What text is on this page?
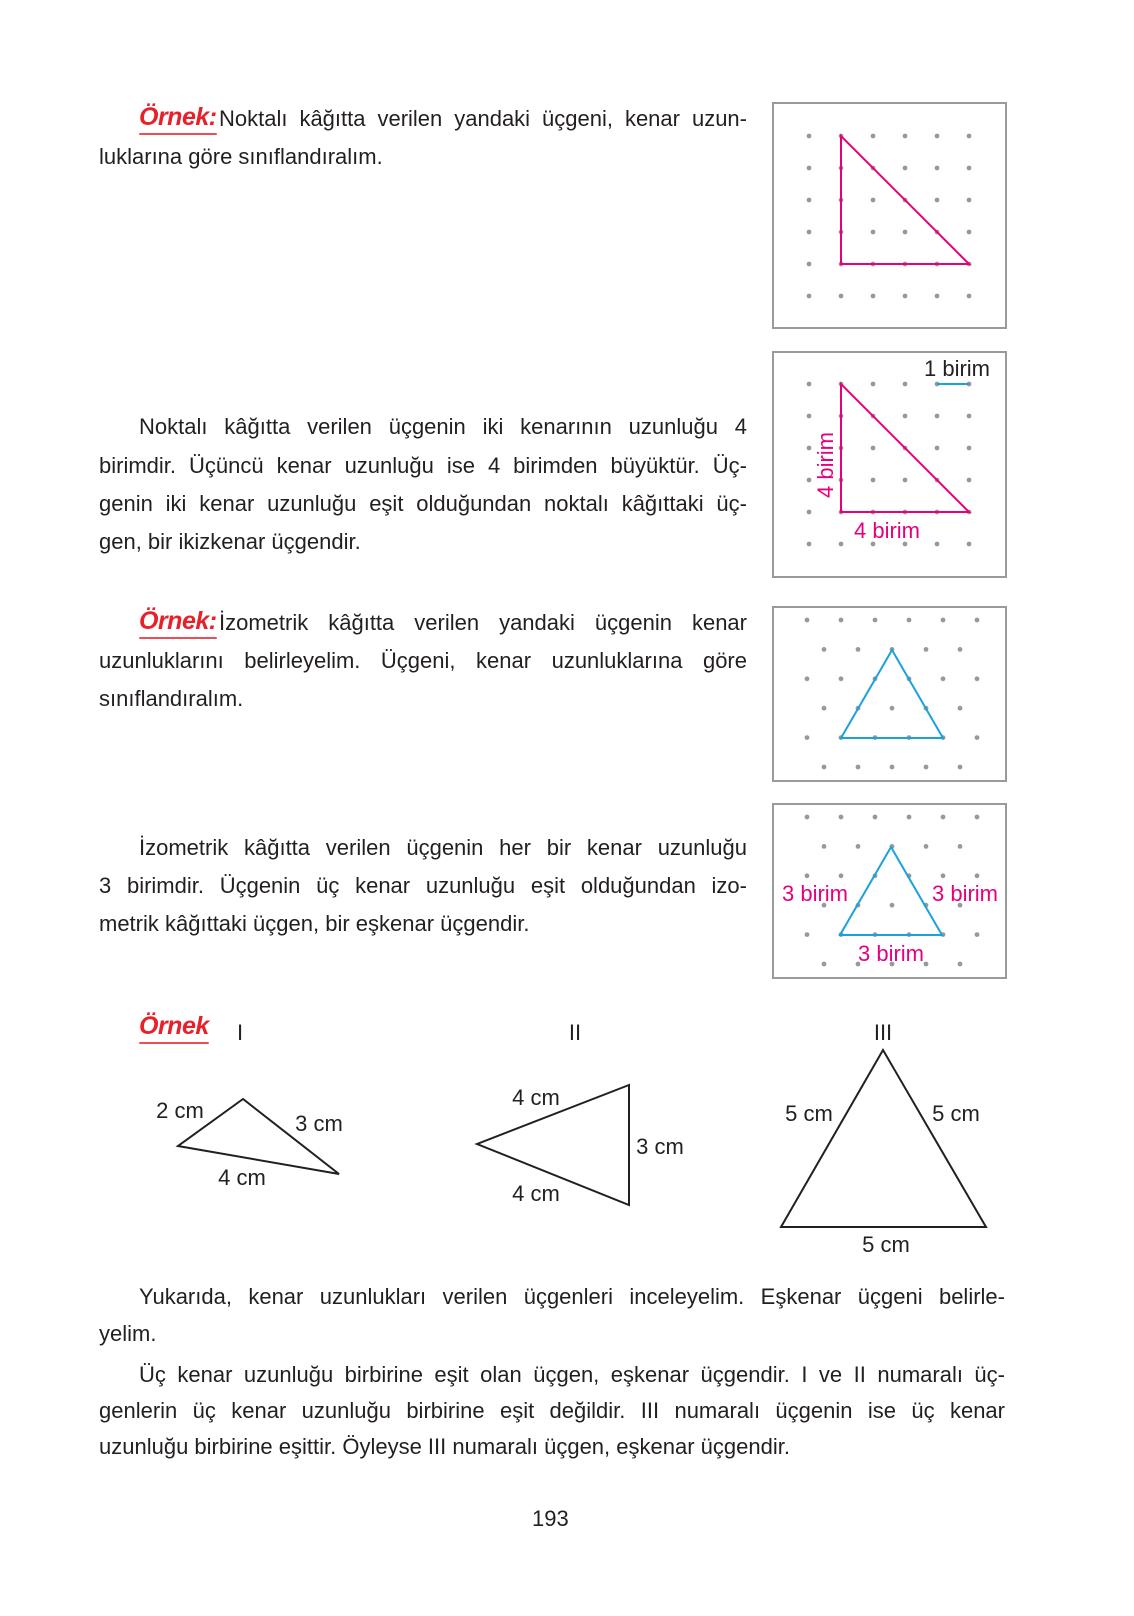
Örnek: Noktalı kâğıtta verilen yandaki üçgeni, kenar uzun-
luklarına göre sınıflandıralım.
Noktalı kâğıtta verilen üçgenin iki kenarının uzunluğu 4
birimdir. Üçüncü kenar uzunluğu ise 4 birimden büyüktür. Üç-
genin iki kenar uzunluğu eşit olduğundan noktalı kâğıttaki üç-
gen, bir ikizkenar üçgendir.
Örnek: İzometrik kâğıtta verilen yandaki üçgenin kenar
uzunluklarını belirleyelim. Üçgeni, kenar uzunluklarına göre
sınıflandıralım.
İzometrik kâğıtta verilen üçgenin her bir kenar uzunluğu
3 birimdir. Üçgenin üç kenar uzunluğu eşit olduğundan izo-
metrik kâğıttaki üçgen, bir eşkenar üçgendir.
Örnek
1 birim
4 birim
4 birim
3 birim	3 birim
3 birim
I	II	III
2 cm
3 cm
4 cm
4 cm
3 cm
4 cm
5 cm	5 cm
5 cm
Yukarıda, kenar uzunlukları verilen üçgenleri inceleyelim. Eşkenar üçgeni belirle-
yelim.
Üç kenar uzunluğu birbirine eşit olan üçgen, eşkenar üçgendir. I ve II numaralı üç-
genlerin üç kenar uzunluğu birbirine eşit değildir. III numaralı üçgenin ise üç kenar
uzunluğu birbirine eşittir. Öyleyse III numaralı üçgen, eşkenar üçgendir.
193
